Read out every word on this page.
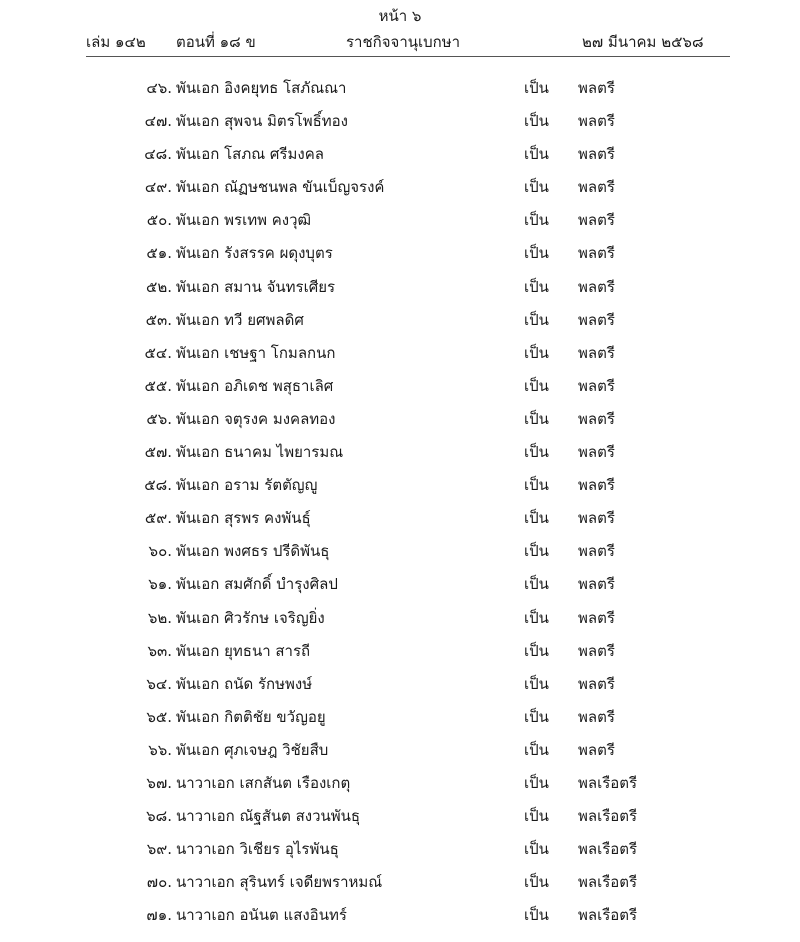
หน้า ๖
เล่ม ๑๔๒ ตอนที่ ๑๘ ข	ราชกิจจานุเบกษา	๒๗ มีนาคม ๒๕๖๘
๔๖. พันเอก อิงคยุทธ โสภัณณา	เป็น พลตรี
๔๗. พันเอก สุพจน มิตรโพธิ์ทอง	เป็น พลตรี
๔๘. พันเอก โสภณ ศรีมงคล	เป็น พลตรี
๔๙. พันเอก ณัฏษชนพล ขันเบ็ญจรงค์	เป็น พลตรี
๕๐. พันเอก พรเทพ คงวุฒิ	เป็น พลตรี
๕๑. พันเอก รังสรรค ผดุงบุตร	เป็น พลตรี
๕๒. พันเอก สมาน จันทรเศียร	เป็น พลตรี
๕๓. พันเอก ทวี ยศพลดิศ	เป็น พลตรี
๕๔. พันเอก เชษฐา โกมลกนก	เป็น พลตรี
๕๕. พันเอก อภิเดช พสุธาเลิศ	เป็น พลตรี
๕๖. พันเอก จตุรงค มงคลทอง	เป็น พลตรี
๕๗. พันเอก ธนาคม ไพยารมณ	เป็น พลตรี
๕๘. พันเอก อราม รัตตัญญู	เป็น พลตรี
๕๙. พันเอก สุรพร คงพันธุ์	เป็น พลตรี
๖๐. พันเอก พงศธร ปรีดิพันธุ	เป็น พลตรี
๖๑. พันเอก สมศักดิ์ บำรุงศิลป	เป็น พลตรี
๖๒. พันเอก ศิวรักษ เจริญยิ่ง	เป็น พลตรี
๖๓. พันเอก ยุทธนา สารถี	เป็น พลตรี
๖๔. พันเอก ถนัด รักษพงษ์	เป็น พลตรี
๖๕. พันเอก กิตติชัย ขวัญอยู	เป็น พลตรี
๖๖. พันเอก ศุภเจษฎ วิชัยสืบ	เป็น พลตรี
๖๗. นาวาเอก เสกสันต เรืองเกตุ	เป็น พลเรือตรี
๖๘. นาวาเอก ณัฐสันต สงวนพันธุ	เป็น พลเรือตรี
๖๙. นาวาเอก วิเชียร อุไรพันธุ	เป็น พลเรือตรี
๗๐. นาวาเอก สุรินทร์ เจดียพราหมณ์	เป็น พลเรือตรี
๗๑. นาวาเอก อนันต แสงอินทร์	เป็น พลเรือตรี
